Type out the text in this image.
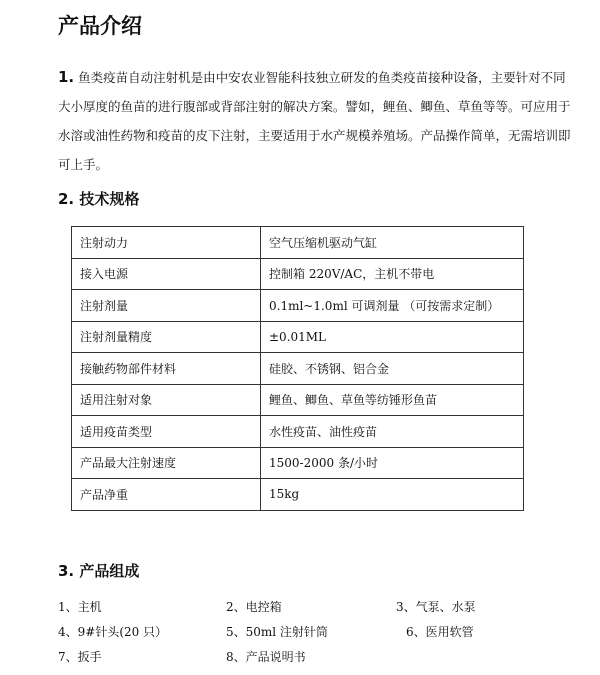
产品介绍
1. 鱼类疫苗自动注射机是由中安农业智能科技独立研发的鱼类疫苗接种设备，主要针对不同大小厚度的鱼苗的进行腹部或背部注射的解决方案。譬如，鲤鱼、鲫鱼、草鱼等等。可应用于水溶或油性药物和疫苗的皮下注射，主要适用于水产规模养殖场。产品操作简单，无需培训即可上手。
2. 技术规格
注射动力	空气压缩机驱动气缸
接入电源	控制箱 220V/AC，主机不带电
注射剂量	0.1ml~1.0ml 可调剂量 （可按需求定制）
注射剂量精度	±0.01ML
接触药物部件材料	硅胶、不锈钢、铝合金
适用注射对象	鲤鱼、鲫鱼、草鱼等纺锤形鱼苗
适用疫苗类型	水性疫苗、油性疫苗
产品最大注射速度	1500-2000 条/小时
产品净重	15kg
3. 产品组成
1、主机	2、电控箱	3、气泵、水泵
4、9#针头(20 只）	5、50ml 注射针筒	6、医用软管
7、扳手	8、产品说明书
